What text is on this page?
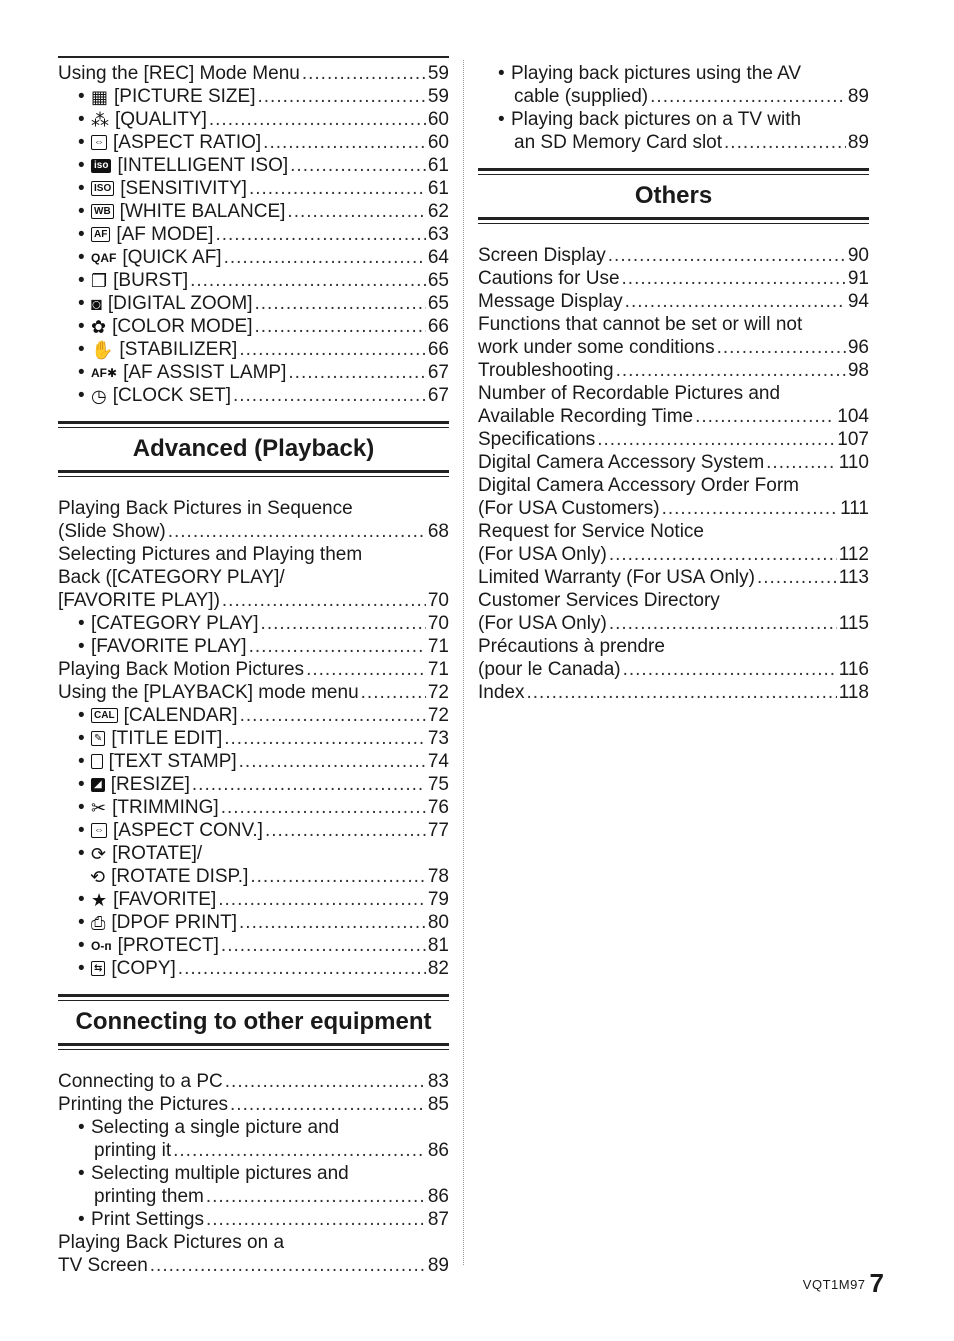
Using the [REC] Mode Menu .....	59
• ▦ [PICTURE SIZE] .....	59
• ⁂ [QUALITY] .....	60
• ⇔ [ASPECT RATIO] .....	60
• iso [INTELLIGENT ISO] .....	61
• ISO [SENSITIVITY] .....	61
• WB [WHITE BALANCE] .....	62
• AF [AF MODE] .....	63
• QAF [QUICK AF] .....	64
• ❐ [BURST] .....	65
• ◙ [DIGITAL ZOOM] .....	65
• ✿ [COLOR MODE] .....	66
• ✋ [STABILIZER] .....	66
• AF✱ [AF ASSIST LAMP] .....	67
• ◷ [CLOCK SET] .....	67
Advanced (Playback)
Playing Back Pictures in Sequence
(Slide Show) .....	68
Selecting Pictures and Playing them
Back ([CATEGORY PLAY]/
[FAVORITE PLAY]) .....	70
• [CATEGORY PLAY] .....	70
• [FAVORITE PLAY] .....	71
Playing Back Motion Pictures .....	71
Using the [PLAYBACK] mode menu .....	72
• CAL [CALENDAR] .....	72
• ✎ [TITLE EDIT] .....	73
• [TEXT STAMP] .....	74
• ◢ [RESIZE] .....	75
• ✂ [TRIMMING] .....	76
• ⇔ [ASPECT CONV.] .....	77
• ⟳ [ROTATE]/
⟲ [ROTATE DISP.] .....	78
• ★ [FAVORITE] .....	79
• ⎙ [DPOF PRINT] .....	80
• O‑п [PROTECT] .....	81
• ⇆ [COPY] .....	82
Connecting to other equipment
Connecting to a PC .....	83
Printing the Pictures .....	85
• Selecting a single picture and
printing it .....	86
• Selecting multiple pictures and
printing them .....	86
• Print Settings .....	87
Playing Back Pictures on a
TV Screen .....	89
• Playing back pictures using the AV
cable (supplied) .....	89
• Playing back pictures on a TV with
an SD Memory Card slot .....	89
Others
Screen Display .....	90
Cautions for Use .....	91
Message Display .....	94
Functions that cannot be set or will not
work under some conditions .....	96
Troubleshooting .....	98
Number of Recordable Pictures and
Available Recording Time .....	104
Specifications .....	107
Digital Camera Accessory System .....	110
Digital Camera Accessory Order Form
(For USA Customers) .....	111
Request for Service Notice
(For USA Only) .....	112
Limited Warranty (For USA Only) .....	113
Customer Services Directory
(For USA Only) .....	115
Précautions à prendre
(pour le Canada) .....	116
Index .....	118
VQT1M97 7
